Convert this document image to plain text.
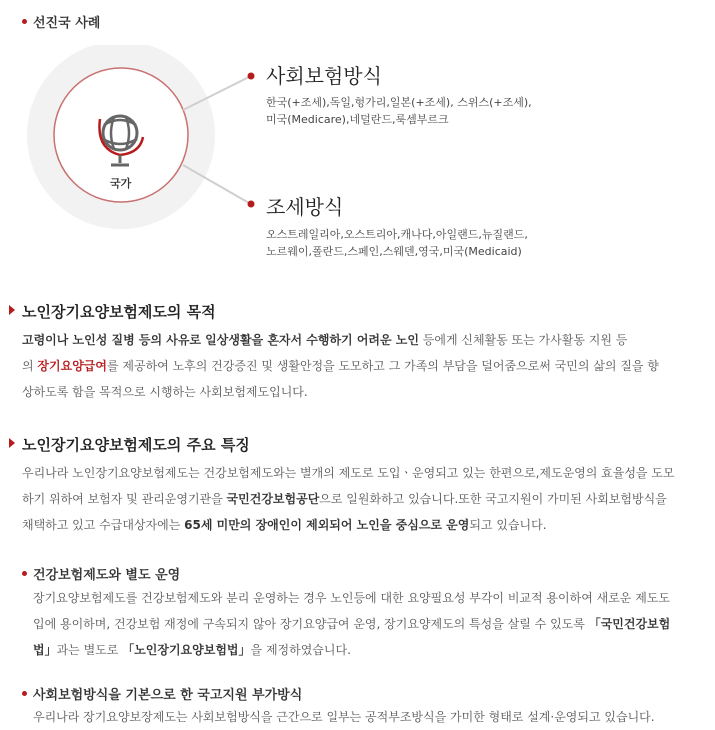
선진국 사례
국가
사회보험방식
한국(+조세),독일,헝가리,일본(+조세), 스위스(+조세),
미국(Medicare),네덜란드,룩셈부르크
조세방식
오스트레일리아,오스트리아,캐나다,아일랜드,뉴질랜드,
노르웨이,폴란드,스페인,스웨덴,영국,미국(Medicaid)
노인장기요양보험제도의 목적
고령이나 노인성 질병 등의 사유로 일상생활을 혼자서 수행하기 어려운 노인 등에게 신체활동 또는 가사활동 지원 등
의 장기요양급여를 제공하여 노후의 건강증진 및 생활안정을 도모하고 그 가족의 부담을 덜어줌으로써 국민의 삶의 질을 향
상하도록 함을 목적으로 시행하는 사회보험제도입니다.
노인장기요양보험제도의 주요 특징
우리나라 노인장기요양보험제도는 건강보험제도와는 별개의 제도로 도입ㆍ운영되고 있는 한편으로,제도운영의 효율성을 도모
하기 위하여 보험자 및 관리운영기관을 국민건강보험공단으로 일원화하고 있습니다.또한 국고지원이 가미된 사회보험방식을
채택하고 있고 수급대상자에는 65세 미만의 장애인이 제외되어 노인을 중심으로 운영되고 있습니다.
건강보험제도와 별도 운영
장기요양보험제도를 건강보험제도와 분리 운영하는 경우 노인등에 대한 요양필요성 부각이 비교적 용이하여 새로운 제도도
입에 용이하며, 건강보험 재정에 구속되지 않아 장기요양급여 운영, 장기요양제도의 특성을 살릴 수 있도록 「국민건강보험
법」과는 별도로 「노인장기요양보험법」을 제정하였습니다.
사회보험방식을 기본으로 한 국고지원 부가방식
우리나라 장기요양보장제도는 사회보험방식을 근간으로 일부는 공적부조방식을 가미한 형태로 설계·운영되고 있습니다.
